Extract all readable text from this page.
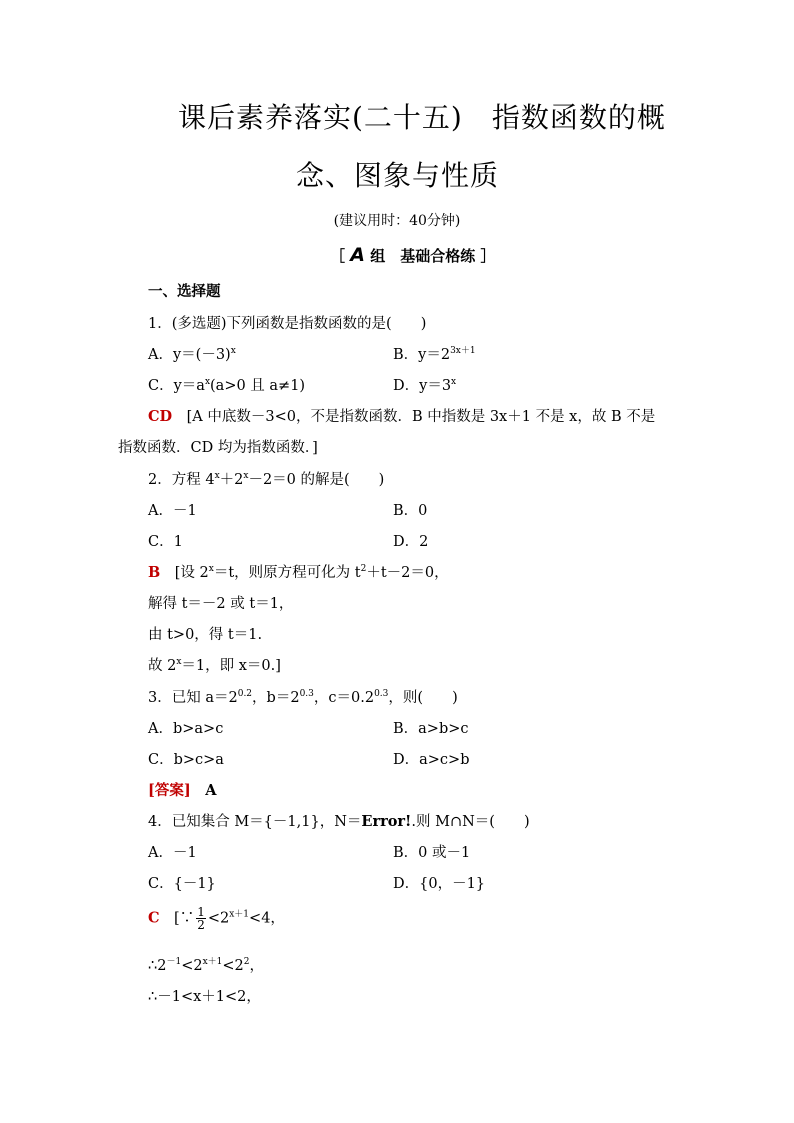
课后素养落实(二十五)　指数函数的概
念、图象与性质
(建议用时：40分钟)
［ A 组　基础合格练 ］
一、选择题
1．(多选题)下列函数是指数函数的是(　　)
A．$y=(-3)^x$	B．$y=2^{3x+1}$
C．$y=a^x(a>0$ 且 a≠1)	D．$y=3^x$
CD　[A 中底数－3<0，不是指数函数．B 中指数是 3x＋1 不是 x，故 B 不是
指数函数．CD 均为指数函数．]
2．方程 $4^x+2^x-2=0$ 的解是(　　)
A．－1	B．0
C．1	D．2
B　[设 $2^x=t$，则原方程可化为 $t^2+t-2=0$，
解得 t＝－2 或 t＝1，
由 t>0，得 t＝1.
故 $2^x=1$，即 x＝0.]
3．已知 $a=2^{0.2}$，$b=2^{0.3}$，$c=0.2^{0.3}$，则(　　)
A．b>a>c	B．a>b>c
C．b>c>a	D．a>c>b
[答案]　A
4．已知集合 M＝{－1,1}，N＝Error!.则 M∩N＝(　　)
A．－1	B．0 或－1
C．{－1}	D．{0，－1}
C　[∵ $\frac{1}{2} <2^{x+1}<4$，
$\therefore 2^{-1}<2^{x+1}<2^2$，
∴－1<x＋1<2，
